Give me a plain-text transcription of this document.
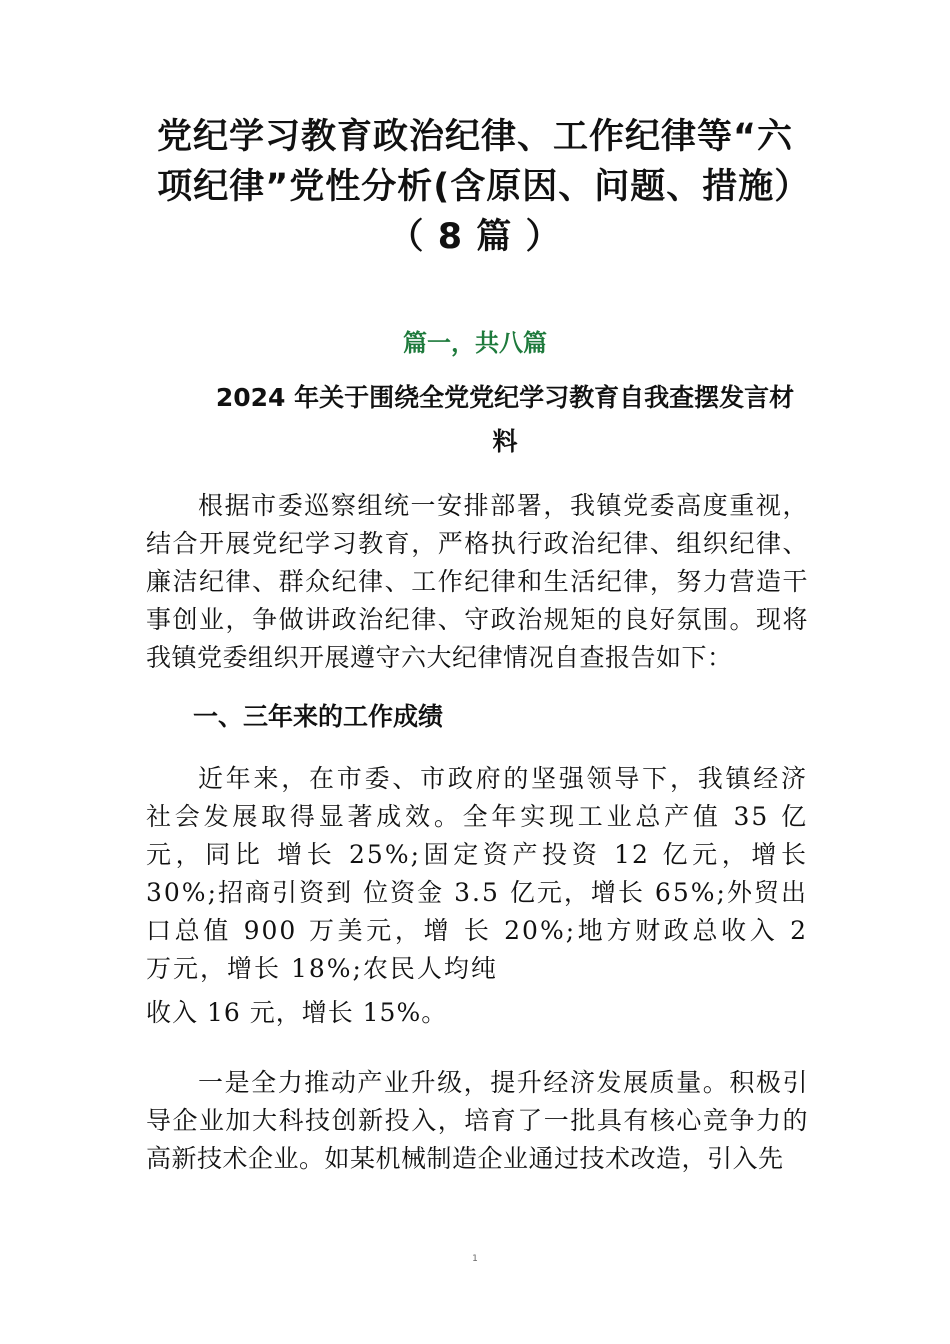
党纪学习教育政治纪律、工作纪律等“六项纪律”党性分析(含原因、问题、措施）（ 8 篇 ）

篇一，共八篇

2024 年关于围绕全党党纪学习教育自我查摆发言材料

根据市委巡察组统一安排部署，我镇党委高度重视，结合开展党纪学习教育，严格执行政治纪律、组织纪律、廉洁纪律、群众纪律、工作纪律和生活纪律，努力营造干事创业，争做讲政治纪律、守政治规矩的良好氛围。现将我镇党委组织开展遵守六大纪律情况自查报告如下：

一、三年来的工作成绩

近年来，在市委、市政府的坚强领导下，我镇经济社会发展取得显著成效。全年实现工业总产值 35 亿元，同比 增长 25%;固定资产投资 12 亿元，增长 30%;招商引资到 位资金 3.5 亿元，增长 65%;外贸出口总值 900 万美元，增 长 20%;地方财政总收入 2 万元，增长 18%;农民人均纯

收入 16 元，增长 15%。

一是全力推动产业升级，提升经济发展质量。积极引导企业加大科技创新投入，培育了一批具有核心竞争力的高新技术企业。如某机械制造企业通过技术改造，引入先

1
